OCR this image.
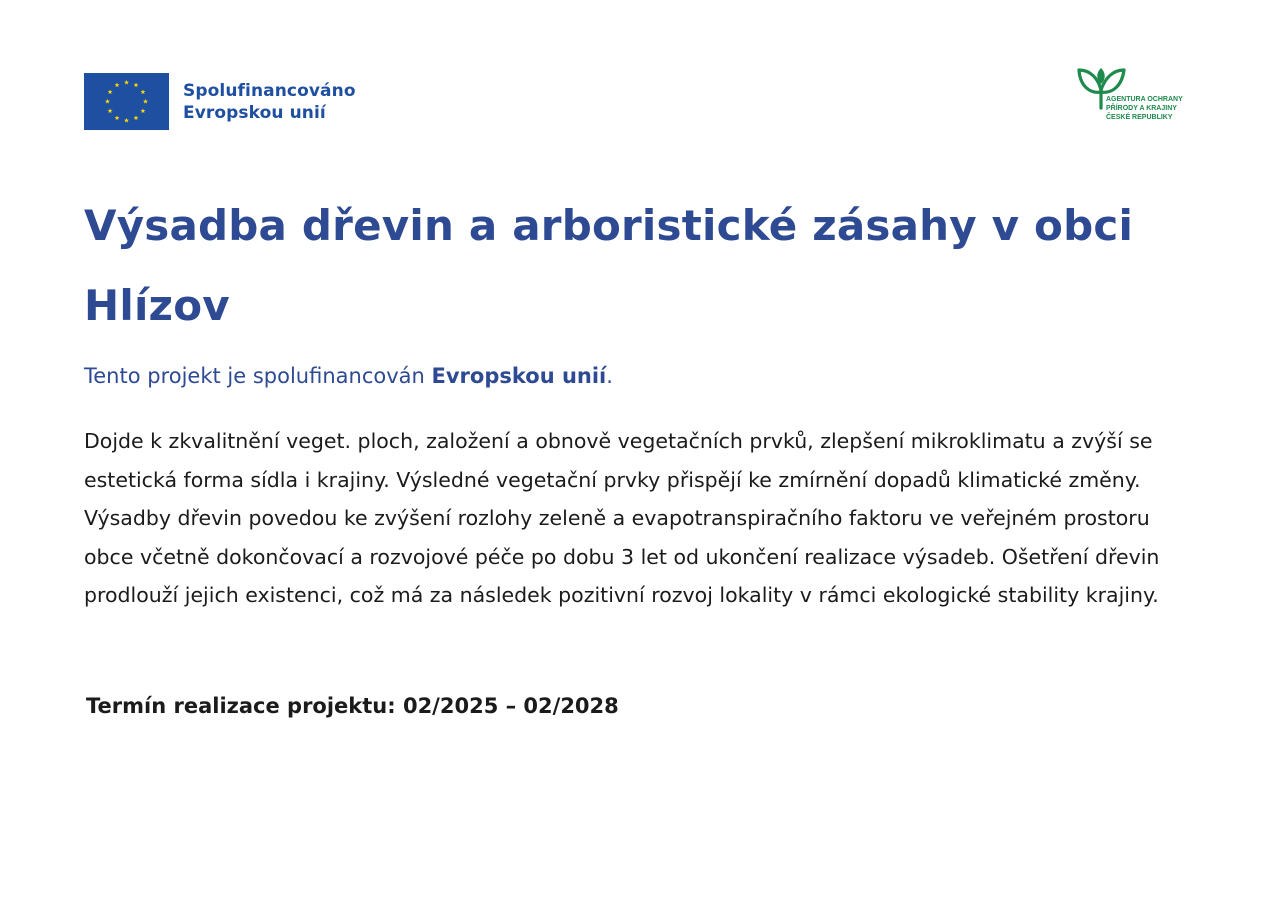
Spolufinancováno
Evropskou unií
AGENTURA OCHRANY
PŘÍRODY A KRAJINY
ČESKÉ REPUBLIKY
Výsadba dřevin a arboristické zásahy v obci Hlízov
Tento projekt je spolufinancován Evropskou unií.

Dojde k zkvalitnění veget. ploch, založení a obnově vegetačních prvků, zlepšení mikroklimatu a zvýší se estetická forma sídla i krajiny. Výsledné vegetační prvky přispějí ke zmírnění dopadů klimatické změny. Výsadby dřevin povedou ke zvýšení rozlohy zeleně a evapotranspiračního faktoru ve veřejném prostoru obce včetně dokončovací a rozvojové péče po dobu 3 let od ukončení realizace výsadeb. Ošetření dřevin prodlouží jejich existenci, což má za následek pozitivní rozvoj lokality v rámci ekologické stability krajiny.

Termín realizace projektu: 02/2025 – 02/2028
